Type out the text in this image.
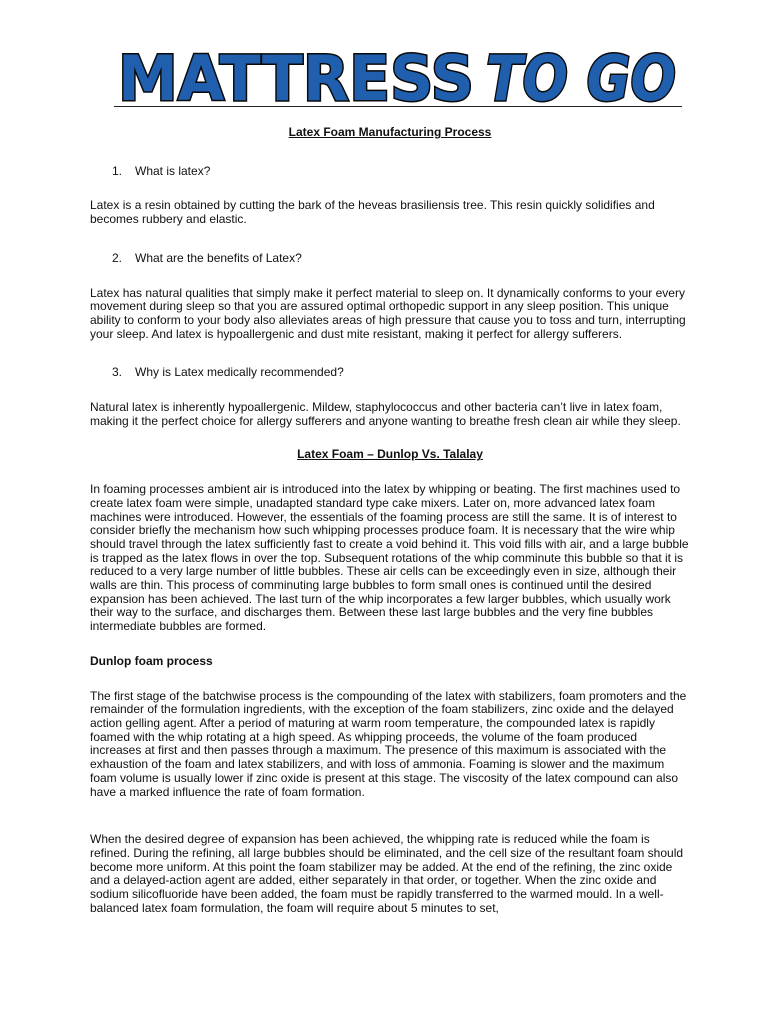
MATTRESS TO GO
Latex Foam Manufacturing Process
1. What is latex?

Latex is a resin obtained by cutting the bark of the heveas brasiliensis tree. This resin quickly solidifies and becomes rubbery and elastic.

2. What are the benefits of Latex?

Latex has natural qualities that simply make it perfect material to sleep on. It dynamically conforms to your every movement during sleep so that you are assured optimal orthopedic support in any sleep position. This unique ability to conform to your body also alleviates areas of high pressure that cause you to toss and turn, interrupting your sleep. And latex is hypoallergenic and dust mite resistant, making it perfect for allergy sufferers.

3. Why is Latex medically recommended?

Natural latex is inherently hypoallergenic. Mildew, staphylococcus and other bacteria can’t live in latex foam, making it the perfect choice for allergy sufferers and anyone wanting to breathe fresh clean air while they sleep.

Latex Foam – Dunlop Vs. Talalay

In foaming processes ambient air is introduced into the latex by whipping or beating. The first machines used to create latex foam were simple, unadapted standard type cake mixers. Later on, more advanced latex foam machines were introduced. However, the essentials of the foaming process are still the same. It is of interest to consider briefly the mechanism how such whipping processes produce foam. It is necessary that the wire whip should travel through the latex sufficiently fast to create a void behind it. This void fills with air, and a large bubble is trapped as the latex flows in over the top. Subsequent rotations of the whip comminute this bubble so that it is reduced to a very large number of little bubbles. These air cells can be exceedingly even in size, although their walls are thin. This process of comminuting large bubbles to form small ones is continued until the desired expansion has been achieved. The last turn of the whip incorporates a few larger bubbles, which usually work their way to the surface, and discharges them. Between these last large bubbles and the very fine bubbles intermediate bubbles are formed.

Dunlop foam process

The first stage of the batchwise process is the compounding of the latex with stabilizers, foam promoters and the remainder of the formulation ingredients, with the exception of the foam stabilizers, zinc oxide and the delayed action gelling agent. After a period of maturing at warm room temperature, the compounded latex is rapidly foamed with the whip rotating at a high speed. As whipping proceeds, the volume of the foam produced increases at first and then passes through a maximum. The presence of this maximum is associated with the exhaustion of the foam and latex stabilizers, and with loss of ammonia. Foaming is slower and the maximum foam volume is usually lower if zinc oxide is present at this stage. The viscosity of the latex compound can also have a marked influence the rate of foam formation.

When the desired degree of expansion has been achieved, the whipping rate is reduced while the foam is refined. During the refining, all large bubbles should be eliminated, and the cell size of the resultant foam should become more uniform. At this point the foam stabilizer may be added. At the end of the refining, the zinc oxide and a delayed-action agent are added, either separately in that order, or together. When the zinc oxide and sodium silicofluoride have been added, the foam must be rapidly transferred to the warmed mould. In a well-balanced latex foam formulation, the foam will require about 5 minutes to set,
